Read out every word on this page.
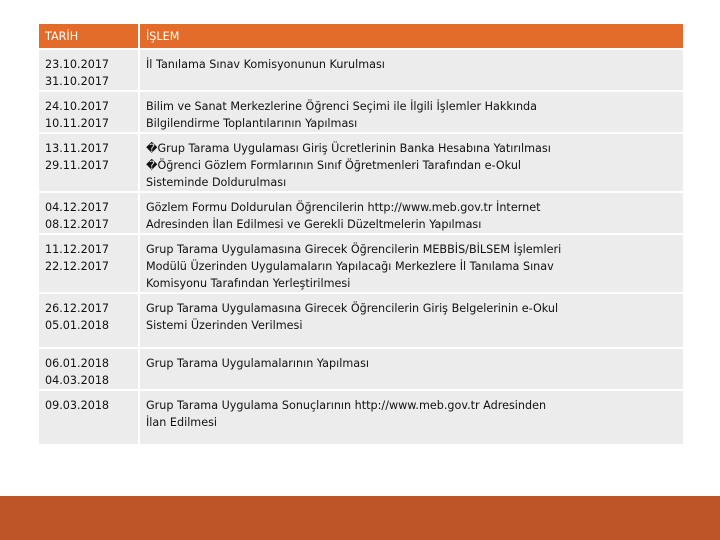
TARİH	İŞLEM

23.10.2017
31.10.2017	İl Tanılama Sınav Komisyonunun Kurulması

24.10.2017
10.11.2017	Bilim ve Sanat Merkezlerine Öğrenci Seçimi ile İlgili İşlemler Hakkında
Bilgilendirme Toplantılarının Yapılması

13.11.2017
29.11.2017	�Grup Tarama Uygulaması Giriş Ücretlerinin Banka Hesabına Yatırılması
�Öğrenci Gözlem Formlarının Sınıf Öğretmenleri Tarafından e-Okul
Sisteminde Doldurulması

04.12.2017
08.12.2017	Gözlem Formu Doldurulan Öğrencilerin http://www.meb.gov.tr İnternet
Adresinden İlan Edilmesi ve Gerekli Düzeltmelerin Yapılması

11.12.2017
22.12.2017	Grup Tarama Uygulamasına Girecek Öğrencilerin MEBBİS/BİLSEM İşlemleri
Modülü Üzerinden Uygulamaların Yapılacağı Merkezlere İl Tanılama Sınav
Komisyonu Tarafından Yerleştirilmesi

26.12.2017
05.01.2018	Grup Tarama Uygulamasına Girecek Öğrencilerin Giriş Belgelerinin e-Okul
Sistemi Üzerinden Verilmesi

06.01.2018
04.03.2018	Grup Tarama Uygulamalarının Yapılması

09.03.2018	Grup Tarama Uygulama Sonuçlarının http://www.meb.gov.tr Adresinden
İlan Edilmesi
